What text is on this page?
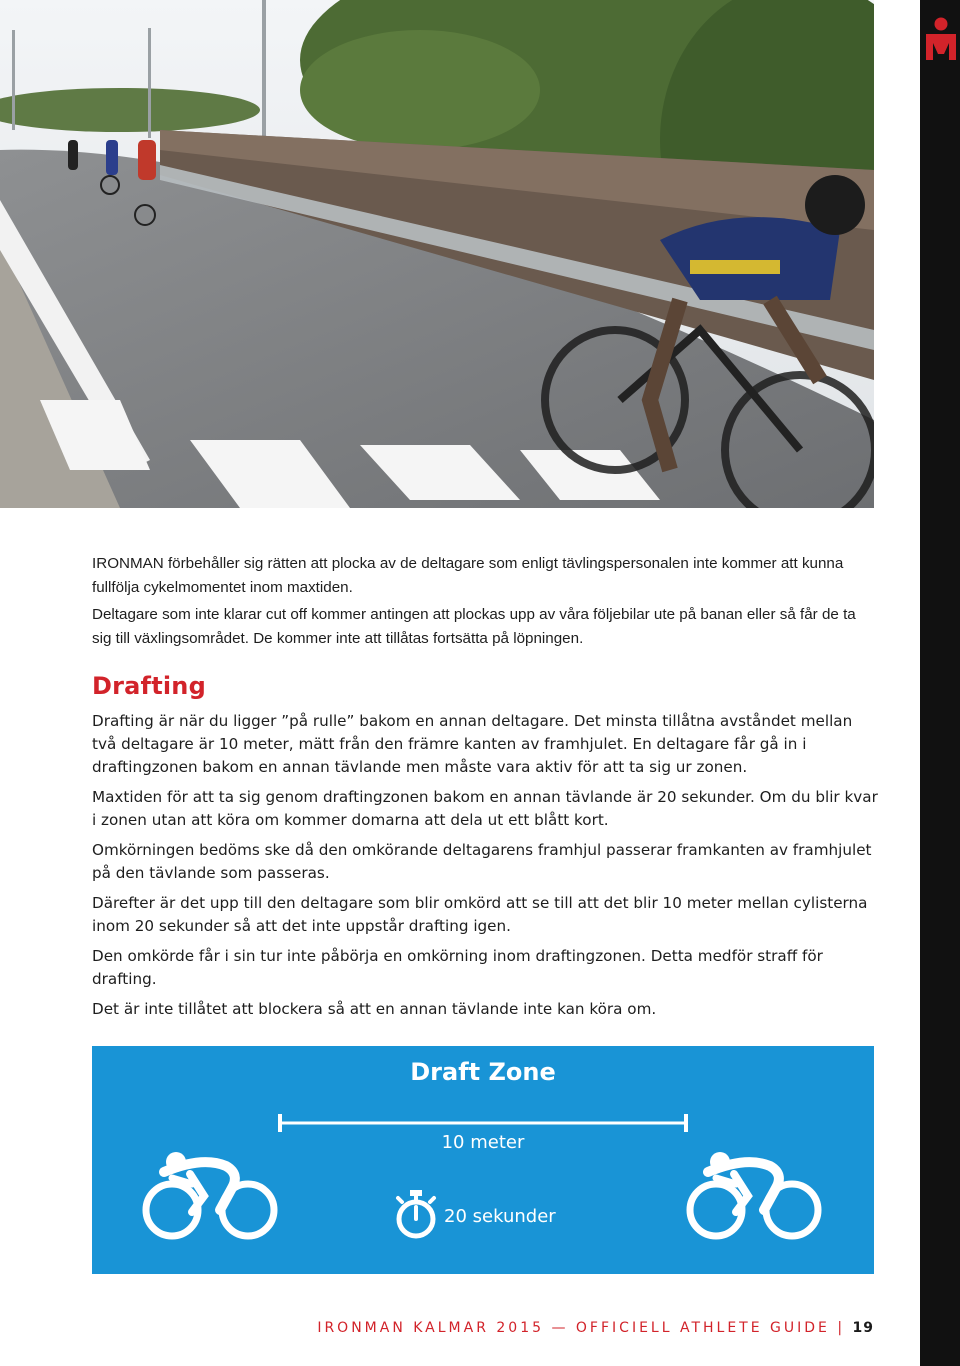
IRONMAN förbehåller sig rätten att plocka av de deltagare som enligt tävlingspersonalen inte kommer att kunna fullfölja cykelmomentet inom maxtiden.

Deltagare som inte klarar cut off kommer antingen att plockas upp av våra följebilar ute på banan eller så får de ta sig till växlingsområdet. De kommer inte att tillåtas fortsätta på löpningen.

Drafting

Drafting är när du ligger ”på rulle” bakom en annan deltagare. Det minsta tillåtna avståndet mellan två deltagare är 10 meter, mätt från den främre kanten av framhjulet. En deltagare får gå in i draftingzonen bakom en annan tävlande men måste vara aktiv för att ta sig ur zonen.

Maxtiden för att ta sig genom draftingzonen bakom en annan tävlande är 20 sekunder. Om du blir kvar i zonen utan att köra om kommer domarna att dela ut ett blått kort.

Omkörningen bedöms ske då den omkörande deltagarens framhjul passerar framkanten av framhjulet på den tävlande som passeras.

Därefter är det upp till den deltagare som blir omkörd att se till att det blir 10 meter mellan cylisterna inom 20 sekunder så att det inte uppstår drafting igen.

Den omkörde får i sin tur inte påbörja en omkörning inom draftingzonen. Detta medför straff för drafting.

Det är inte tillåtet att blockera så att en annan tävlande inte kan köra om.

Draft Zone
10 meter
20 sekunder
IRONMAN KALMAR 2015 — OFFICIELL ATHLETE GUIDE | 19
